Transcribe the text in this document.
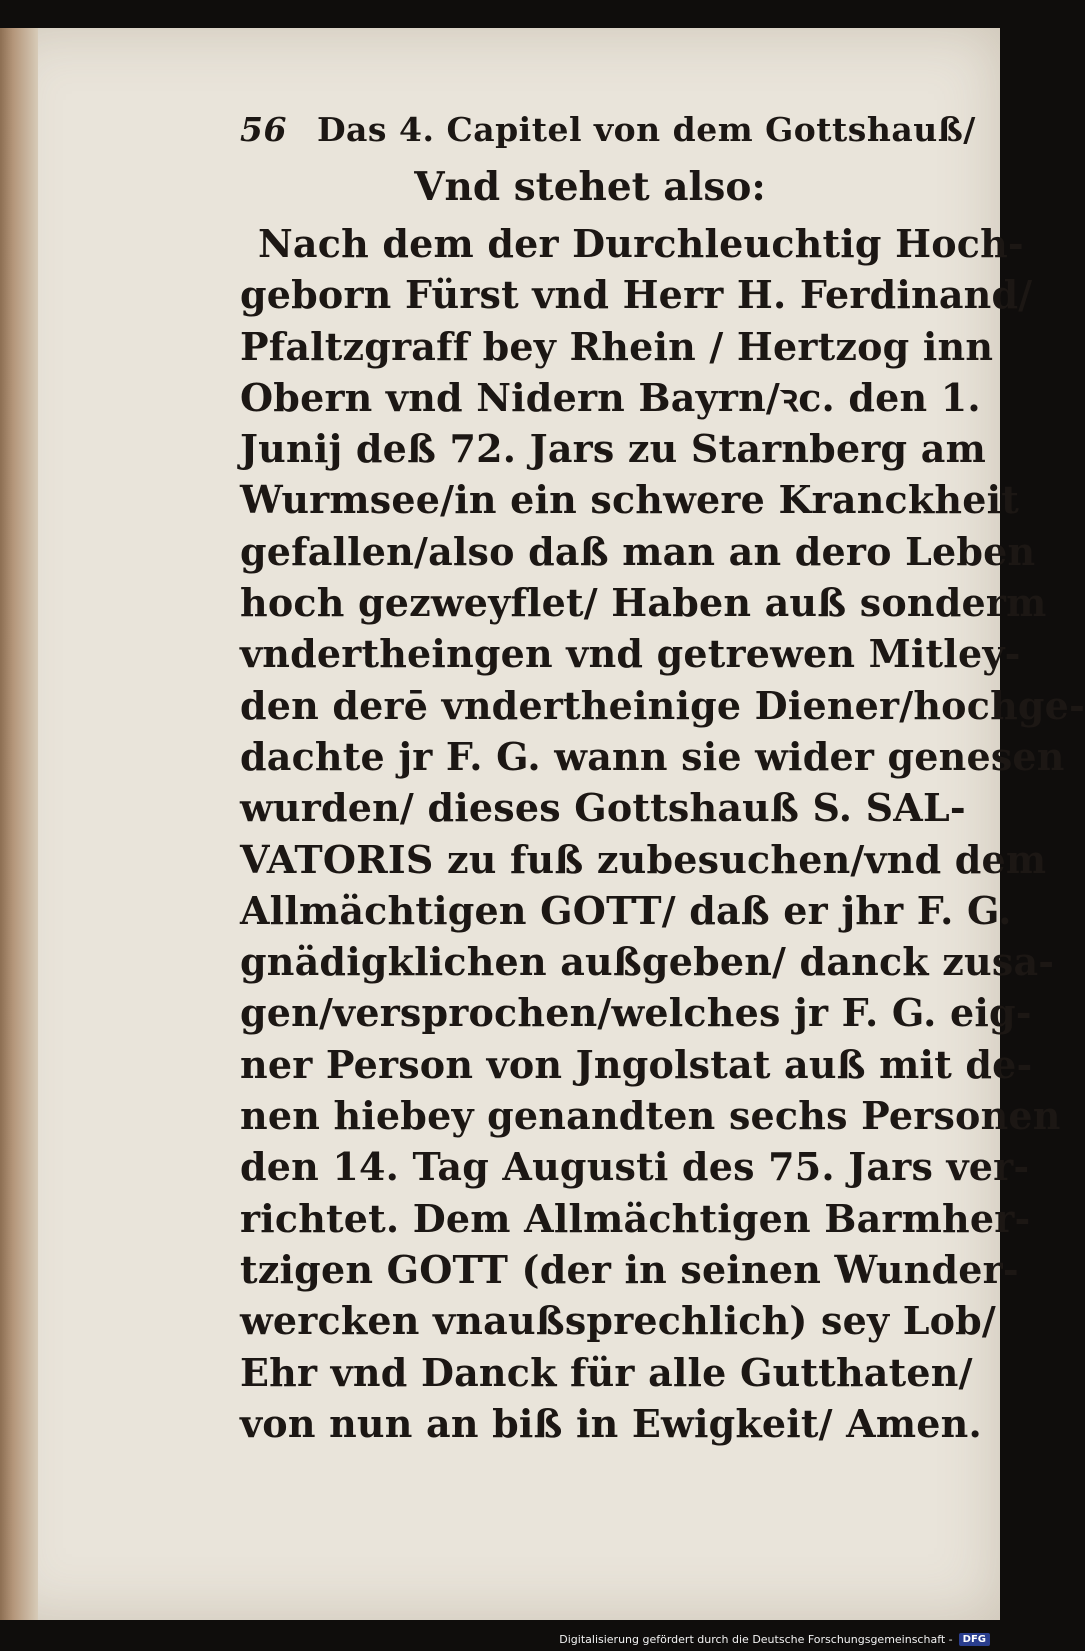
56 Das 4. Capitel von dem Gottshauß/
Vnd stehet also:
Nach dem der Durchleuchtig Hoch-
geborn Fürst vnd Herr H. Ferdinand/
Pfaltzgraff bey Rhein / Hertzog inn
Obern vnd Nidern Bayrn/ꝛc. den 1.
Junij deß 72. Jars zu Starnberg am
Wurmsee/in ein schwere Kranckheit
gefallen/also daß man an dero Leben
hoch gezweyflet/ Haben auß sonderm
vndertheingen vnd getrewen Mitley-
den derē vndertheinige Diener/hochge-
dachte jr F. G. wann sie wider genesen
wurden/ dieses Gottshauß S. SAL-
VATORIS zu fuß zubesuchen/vnd dem
Allmächtigen GOTT/ daß er jhr F. G.
gnädigklichen außgeben/ danck zusa-
gen/versprochen/welches jr F. G. eig-
ner Person von Jngolstat auß mit de-
nen hiebey genandten sechs Personen
den 14. Tag Augusti des 75. Jars ver-
richtet. Dem Allmächtigen Barmher-
tzigen GOTT (der in seinen Wunder-
wercken vnaußsprechlich) sey Lob/
Ehr vnd Danck für alle Gutthaten/
von nun an biß in Ewigkeit/ Amen.
Digitalisierung gefördert durch die Deutsche Forschungsgemeinschaft -	DFG
